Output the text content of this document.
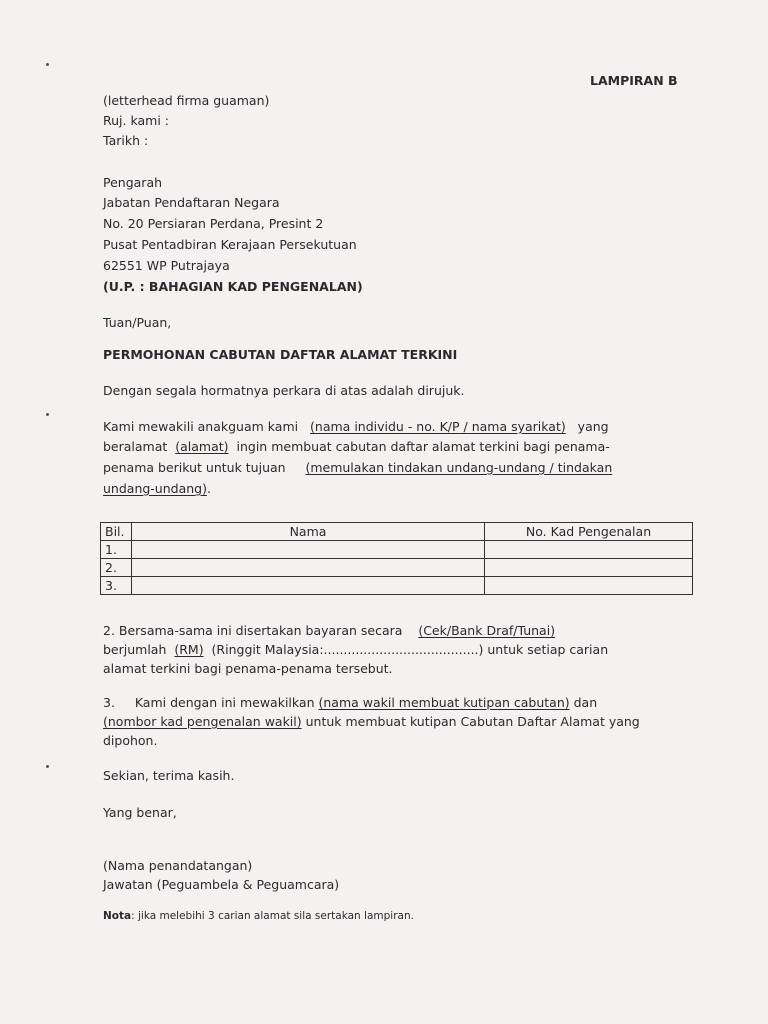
LAMPIRAN B
(letterhead firma guaman)
Ruj. kami :
Tarikh :
Pengarah
Jabatan Pendaftaran Negara
No. 20 Persiaran Perdana, Presint 2
Pusat Pentadbiran Kerajaan Persekutuan
62551 WP Putrajaya
(U.P. : BAHAGIAN KAD PENGENALAN)
Tuan/Puan,
PERMOHONAN CABUTAN DAFTAR ALAMAT TERKINI
Dengan segala hormatnya perkara di atas adalah dirujuk.
Kami mewakili anakguam kami (nama individu - no. K/P / nama syarikat) yang
beralamat (alamat) ingin membuat cabutan daftar alamat terkini bagi penama-
penama berikut untuk tujuan (memulakan tindakan undang-undang / tindakan
undang-undang).
Bil.	Nama	No. Kad Pengenalan
1.		
2.		
3.		
2. Bersama-sama ini disertakan bayaran secara (Cek/Bank Draf/Tunai)
berjumlah (RM) (Ringgit Malaysia:.......................................) untuk setiap carian
alamat terkini bagi penama-penama tersebut.
3. Kami dengan ini mewakilkan (nama wakil membuat kutipan cabutan) dan
(nombor kad pengenalan wakil) untuk membuat kutipan Cabutan Daftar Alamat yang
dipohon.
Sekian, terima kasih.
Yang benar,
(Nama penandatangan)
Jawatan (Peguambela & Peguamcara)
Nota: jika melebihi 3 carian alamat sila sertakan lampiran.
